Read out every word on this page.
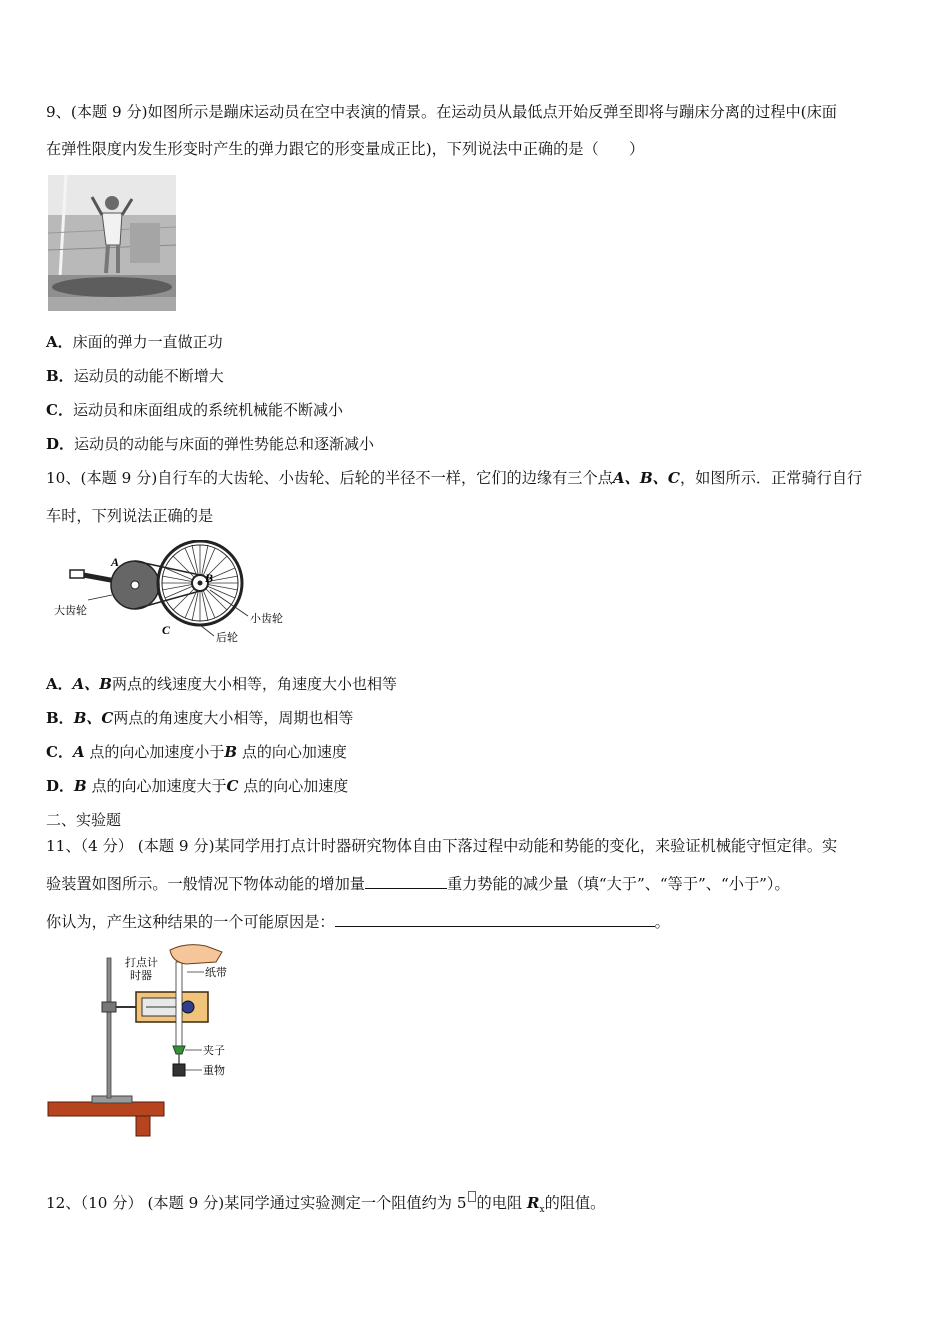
9、(本题 9 分)如图所示是蹦床运动员在空中表演的情景。在运动员从最低点开始反弹至即将与蹦床分离的过程中(床面
在弹性限度内发生形变时产生的弹力跟它的形变量成正比)，下列说法中正确的是（　　）
A．床面的弹力一直做正功
B．运动员的动能不断增大
C．运动员和床面组成的系统机械能不断减小
D．运动员的动能与床面的弹性势能总和逐渐减小
10、(本题 9 分)自行车的大齿轮、小齿轮、后轮的半径不一样，它们的边缘有三个点A、B、C，如图所示．正常骑行自行
车时，下列说法正确的是
A
B
C
大齿轮
小齿轮
后轮
A．A、B两点的线速度大小相等，角速度大小也相等
B．B、C两点的角速度大小相等，周期也相等
C．A 点的向心加速度小于B 点的向心加速度
D．B 点的向心加速度大于C 点的向心加速度
二、实验题
11、（4 分） (本题 9 分)某同学用打点计时器研究物体自由下落过程中动能和势能的变化，来验证机械能守恒定律。实
验装置如图所示。一般情况下物体动能的增加量	重力势能的减少量（填“大于”、“等于”、“小于”）。
你认为，产生这种结果的一个可能原因是：	。
打点计
时器	纸带
夹子
重物
12、（10 分） (本题 9 分)某同学通过实验测定一个阻值约为 5 的电阻 $R_x$的阻值。
